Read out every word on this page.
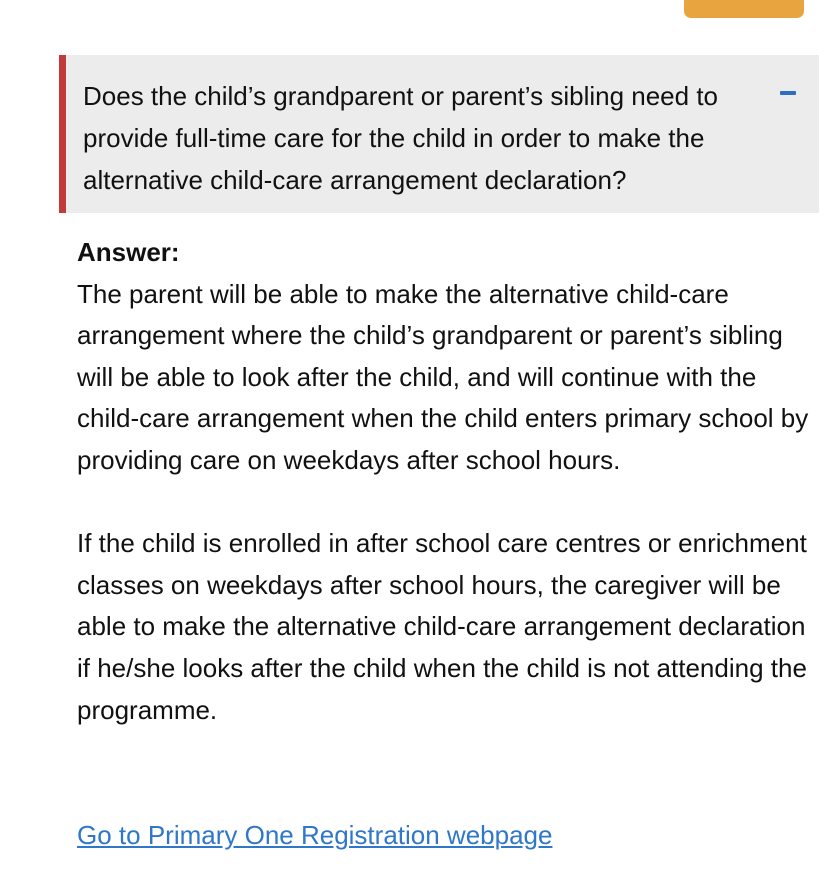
Does the child’s grandparent or parent’s sibling need to provide full-time care for the child in order to make the alternative child-care arrangement declaration?

Answer:

The parent will be able to make the alternative child-care arrangement where the child’s grandparent or parent’s sibling will be able to look after the child, and will continue with the child-care arrangement when the child enters primary school by providing care on weekdays after school hours.

If the child is enrolled in after school care centres or enrichment classes on weekdays after school hours, the caregiver will be able to make the alternative child-care arrangement declaration if he/she looks after the child when the child is not attending the programme.

Go to Primary One Registration webpage
